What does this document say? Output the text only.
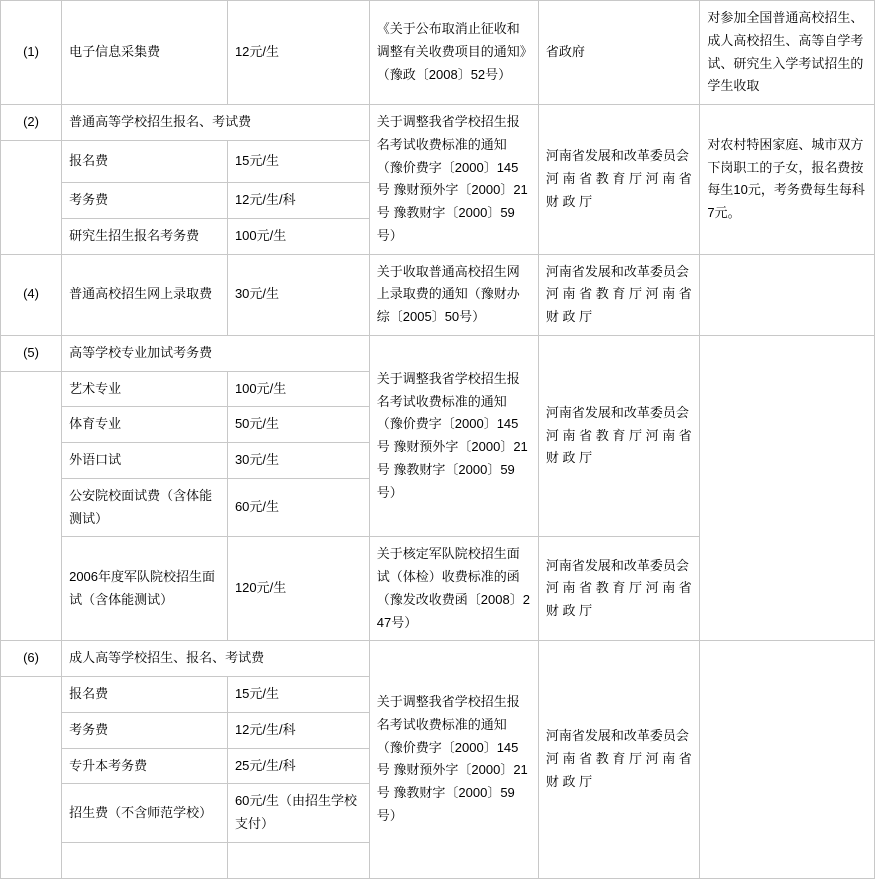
(1)	电子信息采集费	12元/生	《关于公布取消止征收和调整有关收费项目的通知》（豫政〔2008〕52号）	省政府	对参加全国普通高校招生、成人高校招生、高等自学考试、研究生入学考试招生的学生收取
(2)	普通高等学校招生报名、考试费		关于调整我省学校招生报名考试收费标准的通知 （豫价费字〔2000〕145号 豫财预外字〔2000〕21号 豫教财字〔2000〕59号）	河南省发展和改革委员会 河 南 省 教 育 厅 河 南 省 财 政 厅	对农村特困家庭、城市双方下岗职工的子女，报名费按每生10元，考务费每生每科7元。
	报名费	15元/生			
	考务费	12元/生/科			
	研究生招生报名考务费	100元/生			
(4)	普通高校招生网上录取费	30元/生	关于收取普通高校招生网上录取费的通知（豫财办综〔2005〕50号）	河南省发展和改革委员会 河 南 省 教 育 厅 河 南 省 财 政 厅	
(5)	高等学校专业加试考务费		关于调整我省学校招生报名考试收费标准的通知 （豫价费字〔2000〕145号 豫财预外字〔2000〕21号 豫教财字〔2000〕59号）	河南省发展和改革委员会 河 南 省 教 育 厅 河 南 省 财 政 厅	
	艺术专业	100元/生			
	体育专业	50元/生			
	外语口试	30元/生			
	公安院校面试费（含体能测试）	60元/生			
	2006年度军队院校招生面试（含体能测试）	120元/生	关于核定军队院校招生面试（体检）收费标准的函（豫发改收费函〔2008〕247号）	河南省发展和改革委员会 河 南 省 教 育 厅 河 南 省 财 政 厅	
(6)	成人高等学校招生、报名、考试费		关于调整我省学校招生报名考试收费标准的通知 （豫价费字〔2000〕145号 豫财预外字〔2000〕21号 豫教财字〔2000〕59号）	河南省发展和改革委员会 河 南 省 教 育 厅 河 南 省 财 政 厅	
	报名费	15元/生			
	考务费	12元/生/科			
	专升本考务费	25元/生/科			
	招生费（不含师范学校）	60元/生（由招生学校支付）			
